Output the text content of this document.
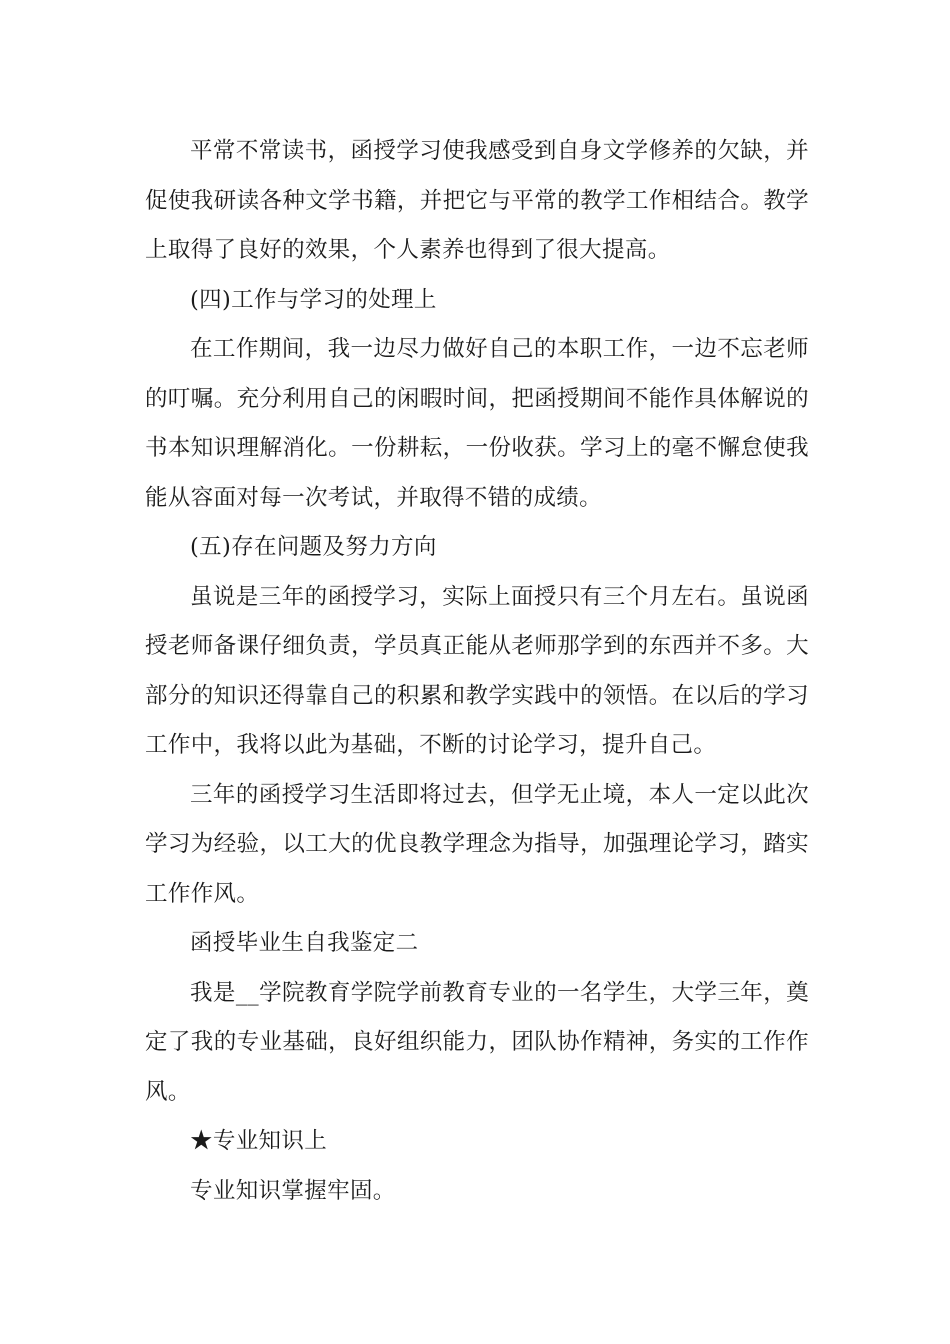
平常不常读书，函授学习使我感受到自身文学修养的欠缺，并促使我研读各种文学书籍，并把它与平常的教学工作相结合。教学上取得了良好的效果，个人素养也得到了很大提高。

(四)工作与学习的处理上

在工作期间，我一边尽力做好自己的本职工作，一边不忘老师的叮嘱。充分利用自己的闲暇时间，把函授期间不能作具体解说的书本知识理解消化。一份耕耘，一份收获。学习上的毫不懈怠使我能从容面对每一次考试，并取得不错的成绩。

(五)存在问题及努力方向

虽说是三年的函授学习，实际上面授只有三个月左右。虽说函授老师备课仔细负责，学员真正能从老师那学到的东西并不多。大部分的知识还得靠自己的积累和教学实践中的领悟。在以后的学习工作中，我将以此为基础，不断的讨论学习，提升自己。

三年的函授学习生活即将过去，但学无止境，本人一定以此次学习为经验，以工大的优良教学理念为指导，加强理论学习，踏实工作作风。

函授毕业生自我鉴定二

我是__学院教育学院学前教育专业的一名学生，大学三年，奠定了我的专业基础，良好组织能力，团队协作精神，务实的工作作风。

★专业知识上

专业知识掌握牢固。
